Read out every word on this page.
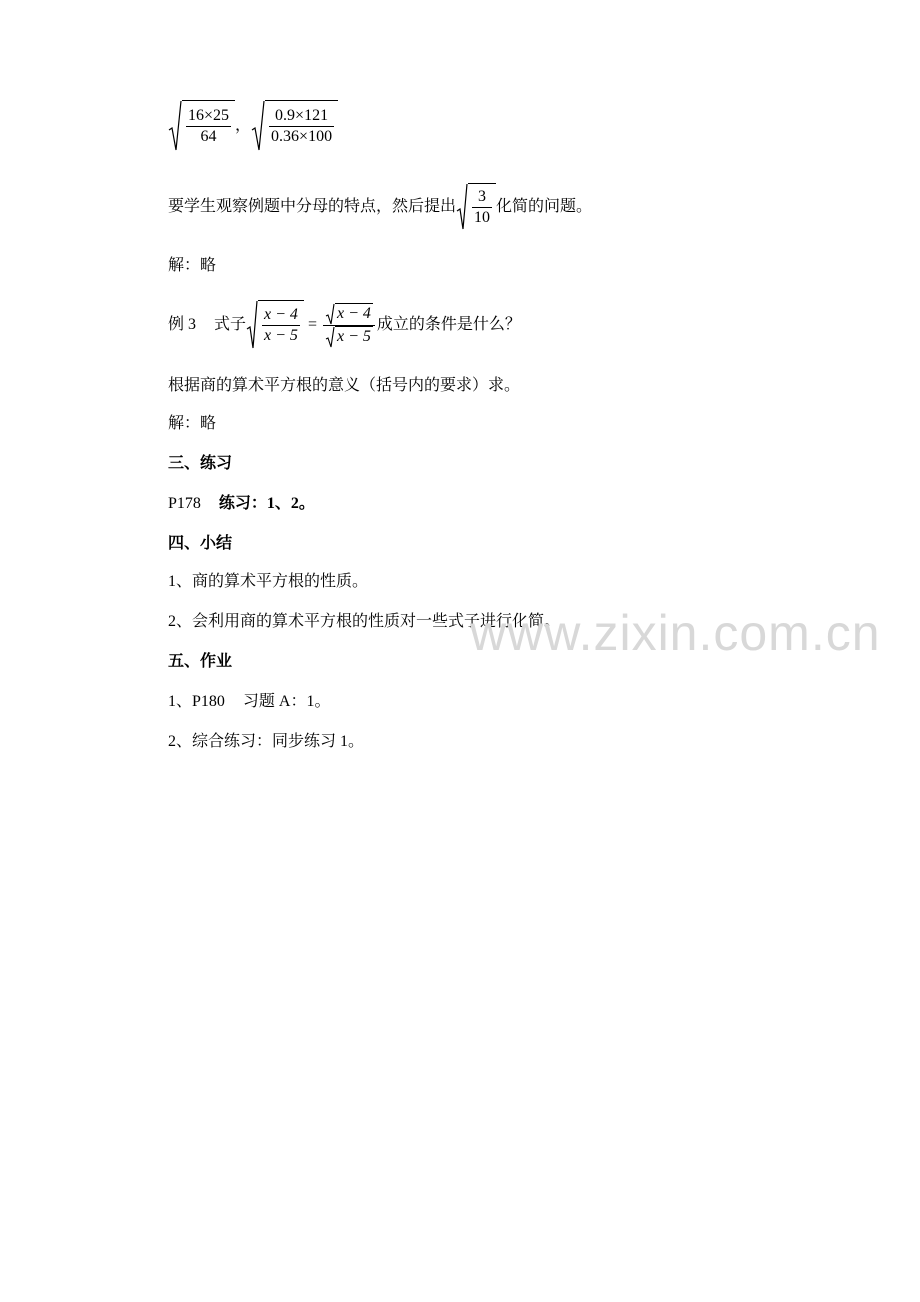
$\frac{16\times 25}{64}$ ， $\frac{0.9\times 121}{0.36\times 100}$
要学生观察例题中分母的特点，然后提出 $\frac{3}{10}$ 化简的问题。
解：略
例 3 式子 $\frac{x - 4}{x - 5} = \frac{x - 4}{x - 5}$ 成立的条件是什么？
根据商的算术平方根的意义（括号内的要求）求。
解：略
三、练习
P178 练习：1、2。
四、小结
1、商的算术平方根的性质。
2、会利用商的算术平方根的性质对一些式子进行化简。
五、作业
1、P180 习题 A：1。
2、综合练习：同步练习 1。
www.zixin.com.cn
